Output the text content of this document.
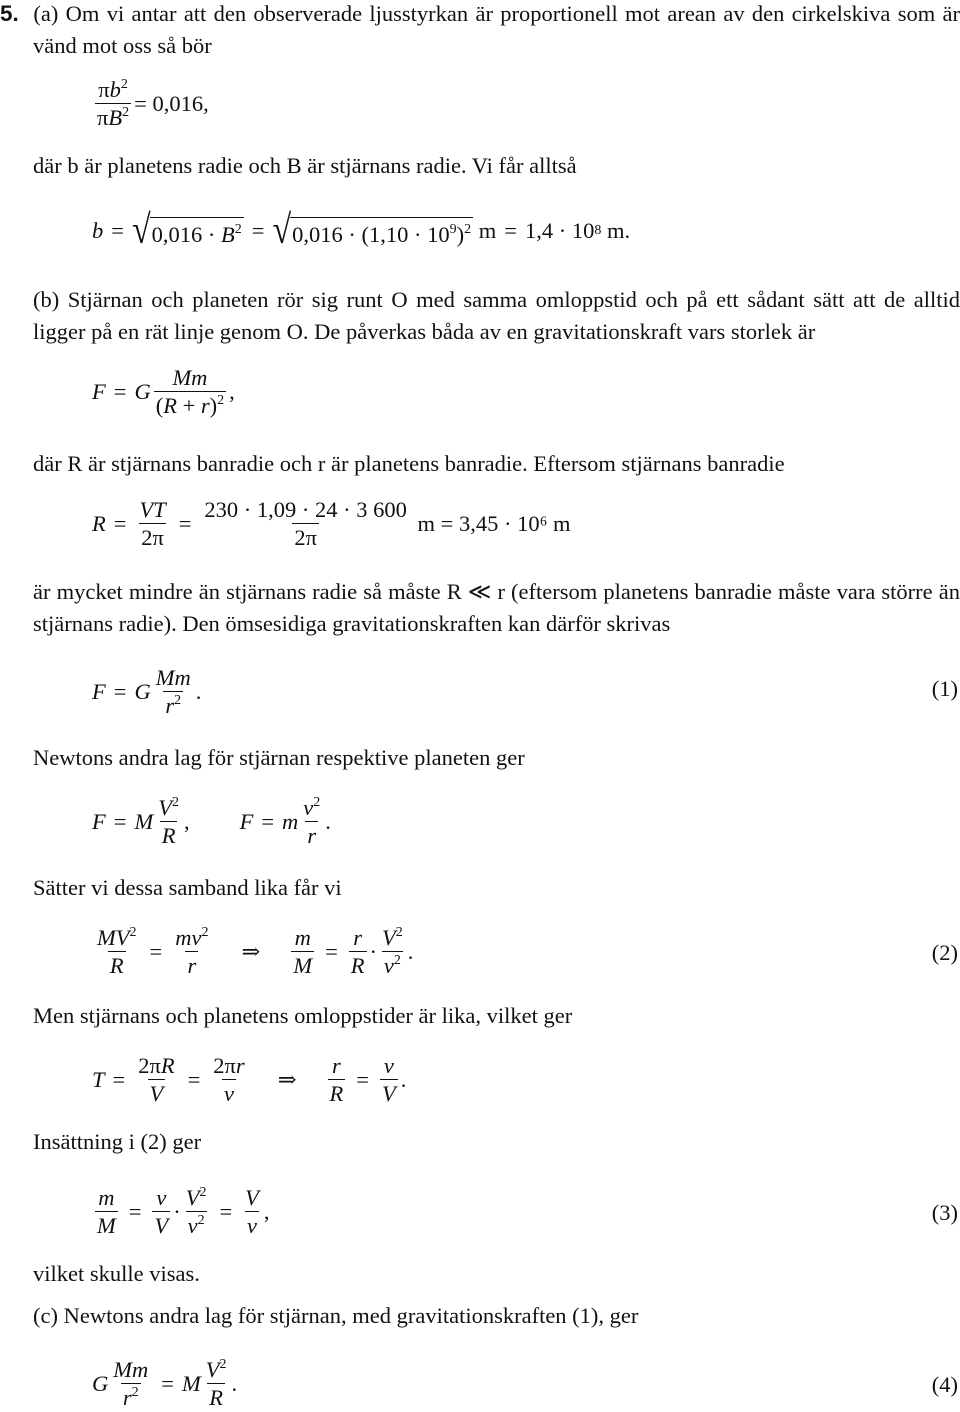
5. (a) Om vi antar att den observerade ljusstyrkan är proportionell mot arean av den cirkelskiva som är vänd mot oss så bör
$\frac{\pi b^2}{\pi B^2} = 0,016$,
där b är planetens radie och B är stjärnans radie. Vi får alltså
b = √ $0,016 \cdot B^2$ = √ $0,016 \cdot (1,10 \cdot 10^9)^2$ m = 1,4 · 10 8 m.
(b) Stjärnan och planeten rör sig runt O med samma omloppstid och på ett sådant sätt att de alltid ligger på en rät linje genom O. De påverkas båda av en gravitationskraft vars storlek är
F = G $\frac{Mm}{(R + r)^2}$ ,
där R är stjärnans banradie och r är planetens banradie. Eftersom stjärnans banradie
$R = \frac{VT}{2\pi} = \frac{230 \cdot 1,09 \cdot 24 \cdot 3 600}{2\pi}$
m = 3,45 · 10⁶ m
är mycket mindre än stjärnans radie så måste R ≪ r (eftersom planetens banradie måste vara större än stjärnans radie). Den ömsesidiga gravitationskraften kan därför skrivas
F = G $\frac{Mm}{r^2}$ .	(1)
Newtons andra lag för stjärnan respektive planeten ger
F = M $\frac{V^2}{R}$ , F = m $\frac{v^2}{r}$ .
Sätter vi dessa samband lika får vi
$\frac{MV^2}{R} = \frac{mv^2}{r}$ ⇒ $\frac{m}{M} = \frac{r}{R} \cdot \frac{V^2}{v^2}$ .	(2)
Men stjärnans och planetens omloppstider är lika, vilket ger
$T = \frac{2\pi R}{V} = \frac{2\pi r}{v}$ ⇒ $\frac{r}{R} = \frac{v}{V}$ .
Insättning i (2) ger
$\frac{m}{M} = \frac{v}{V} \cdot \frac{V^2}{v^2} = \frac{V}{v}$ ,	(3)
vilket skulle visas.
(c) Newtons andra lag för stjärnan, med gravitationskraften (1), ger
G $\frac{Mm}{r^2} = M \frac{V^2}{R}$ .	(4)
